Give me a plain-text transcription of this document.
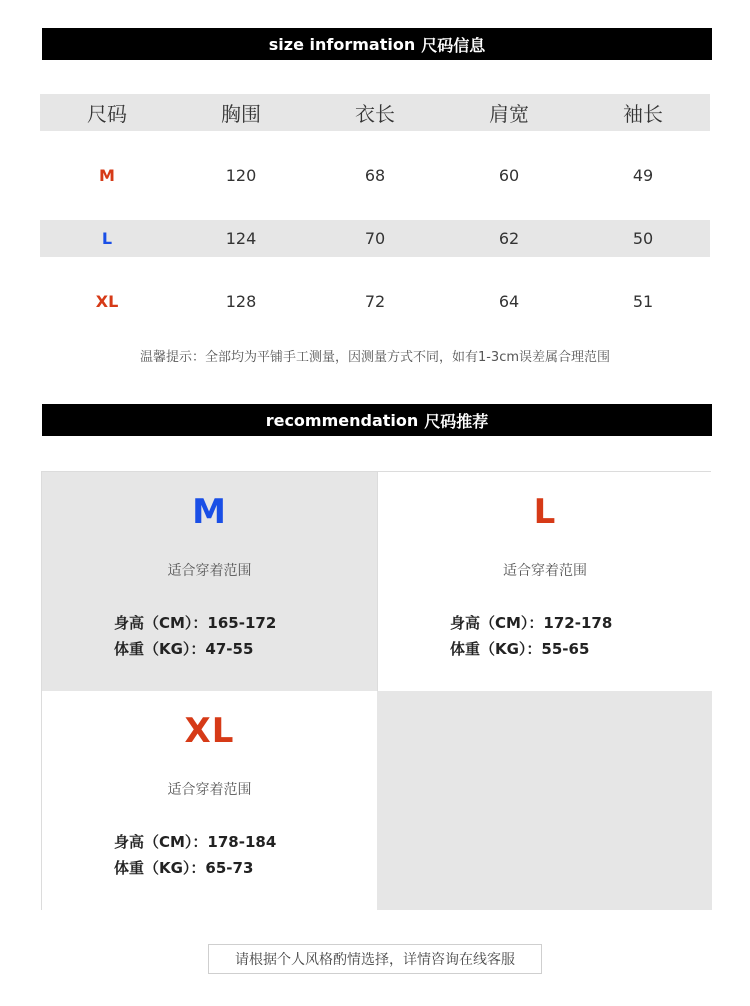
size information 尺码信息
尺码	胸围	衣长	肩宽	袖长
M	120	68	60	49
L	124	70	62	50
XL	128	72	64	51
温馨提示：全部均为平铺手工测量，因测量方式不同，如有1-3cm误差属合理范围
recommendation 尺码推荐
M
适合穿着范围
身高（CM）：165-172
体重（KG）：47-55
L
适合穿着范围
身高（CM）：172-178
体重（KG）：55-65
XL
适合穿着范围
身高（CM）：178-184
体重（KG）：65-73
请根据个人风格酌情选择，详情咨询在线客服
